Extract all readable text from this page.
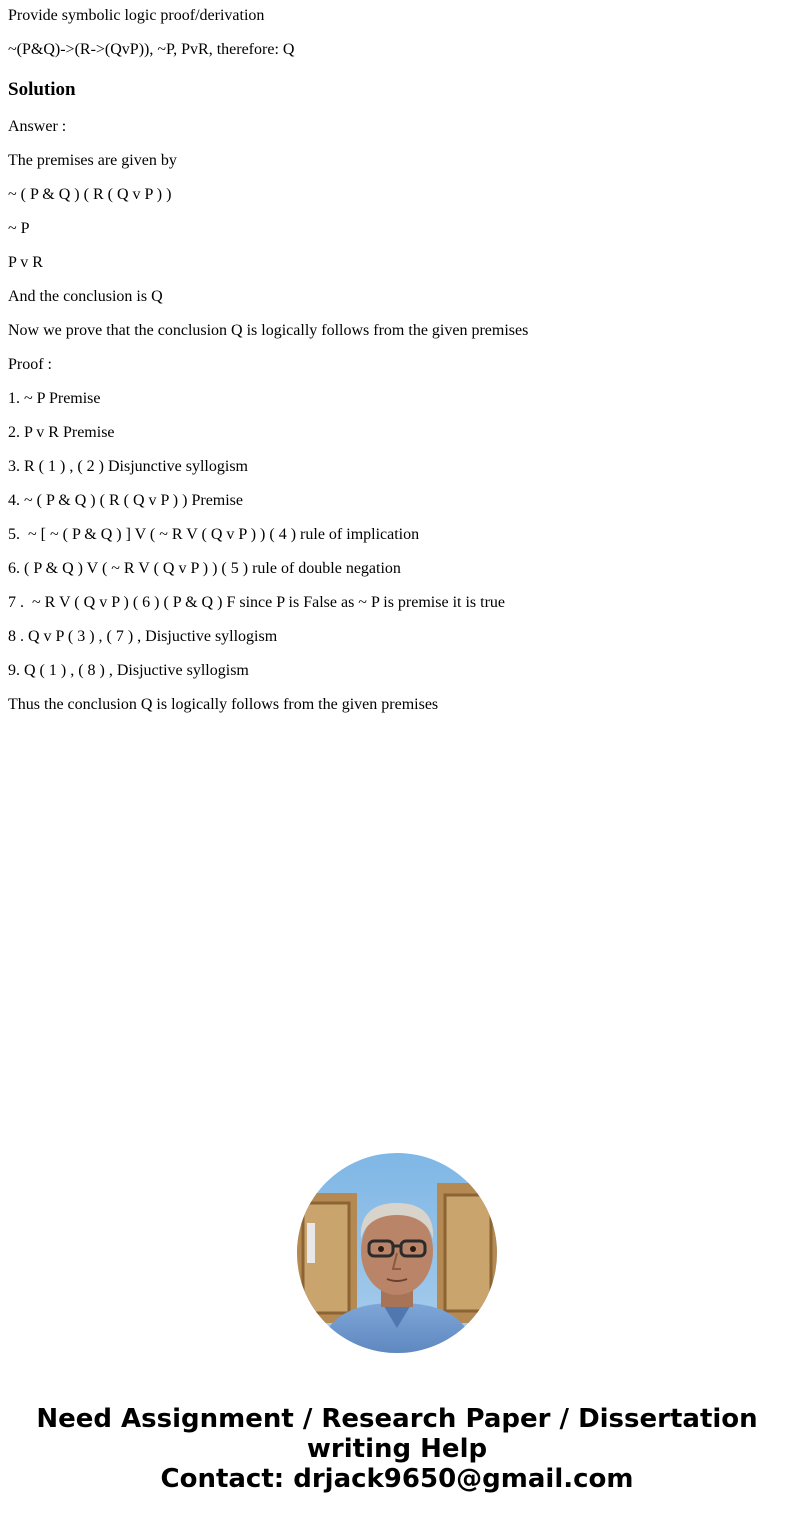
Provide symbolic logic proof/derivation

~(P&Q)->(R->(QvP)), ~P, PvR, therefore: Q

Solution

Answer :

The premises are given by

~ ( P & Q ) ( R ( Q v P ) )

~ P

P v R

And the conclusion is Q

Now we prove that the conclusion Q is logically follows from the given premises

Proof :

1. ~ P Premise

2. P v R Premise

3. R ( 1 ) , ( 2 ) Disjunctive syllogism

4. ~ ( P & Q ) ( R ( Q v P ) ) Premise

5.  ~ [ ~ ( P & Q ) ] V ( ~ R V ( Q v P ) ) ( 4 ) rule of implication

6. ( P & Q ) V ( ~ R V ( Q v P ) ) ( 5 ) rule of double negation

7 .  ~ R V ( Q v P ) ( 6 ) ( P & Q ) F since P is False as ~ P is premise it is true

8 . Q v P ( 3 ) , ( 7 ) , Disjuctive syllogism

9. Q ( 1 ) , ( 8 ) , Disjuctive syllogism

Thus the conclusion Q is logically follows from the given premises

Need Assignment / Research Paper / Dissertation
writing Help
Contact: drjack9650@gmail.com
